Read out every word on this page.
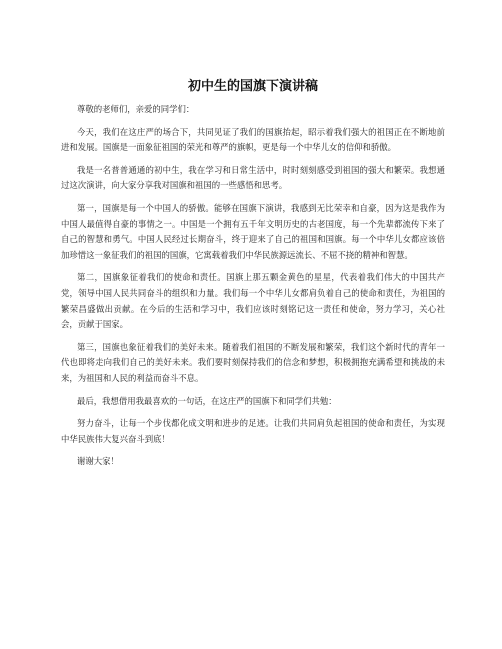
初中生的国旗下演讲稿

尊敬的老师们，亲爱的同学们：

今天，我们在这庄严的场合下，共同见证了我们的国旗抬起，昭示着我们强大的祖国正在不断地前进和发展。国旗是一面象征祖国的荣光和尊严的旗帜，更是每一个中华儿女的信仰和骄傲。

我是一名普普通通的初中生，我在学习和日常生活中，时时刻刻感受到祖国的强大和繁荣。我想通过这次演讲，向大家分享我对国旗和祖国的一些感悟和思考。

第一，国旗是每一个中国人的骄傲。能够在国旗下演讲，我感到无比荣幸和自豪，因为这是我作为中国人最值得自豪的事情之一。中国是一个拥有五千年文明历史的古老国度，每一个先辈都流传下来了自己的智慧和勇气。中国人民经过长期奋斗，终于迎来了自己的祖国和国旗。每一个中华儿女都应该倍加珍惜这一象征我们的祖国的国旗，它寓载着我们中华民族源远流长、不屈不挠的精神和智慧。

第二，国旗象征着我们的使命和责任。国旗上那五颗金黄色的星星，代表着我们伟大的中国共产党，领导中国人民共同奋斗的组织和力量。我们每一个中华儿女都肩负着自己的使命和责任，为祖国的繁荣昌盛做出贡献。在今后的生活和学习中，我们应该时刻铭记这一责任和使命，努力学习，关心社会，贡献于国家。

第三，国旗也象征着我们的美好未来。随着我们祖国的不断发展和繁荣，我们这个新时代的青年一代也即将走向我们自己的美好未来。我们要时刻保持我们的信念和梦想，积极拥抱充满希望和挑战的未来，为祖国和人民的利益而奋斗不息。

最后，我想借用我最喜欢的一句话，在这庄严的国旗下和同学们共勉：

努力奋斗，让每一个步伐都化成文明和进步的足迹。让我们共同肩负起祖国的使命和责任，为实现中华民族伟大复兴奋斗到底！

谢谢大家！
